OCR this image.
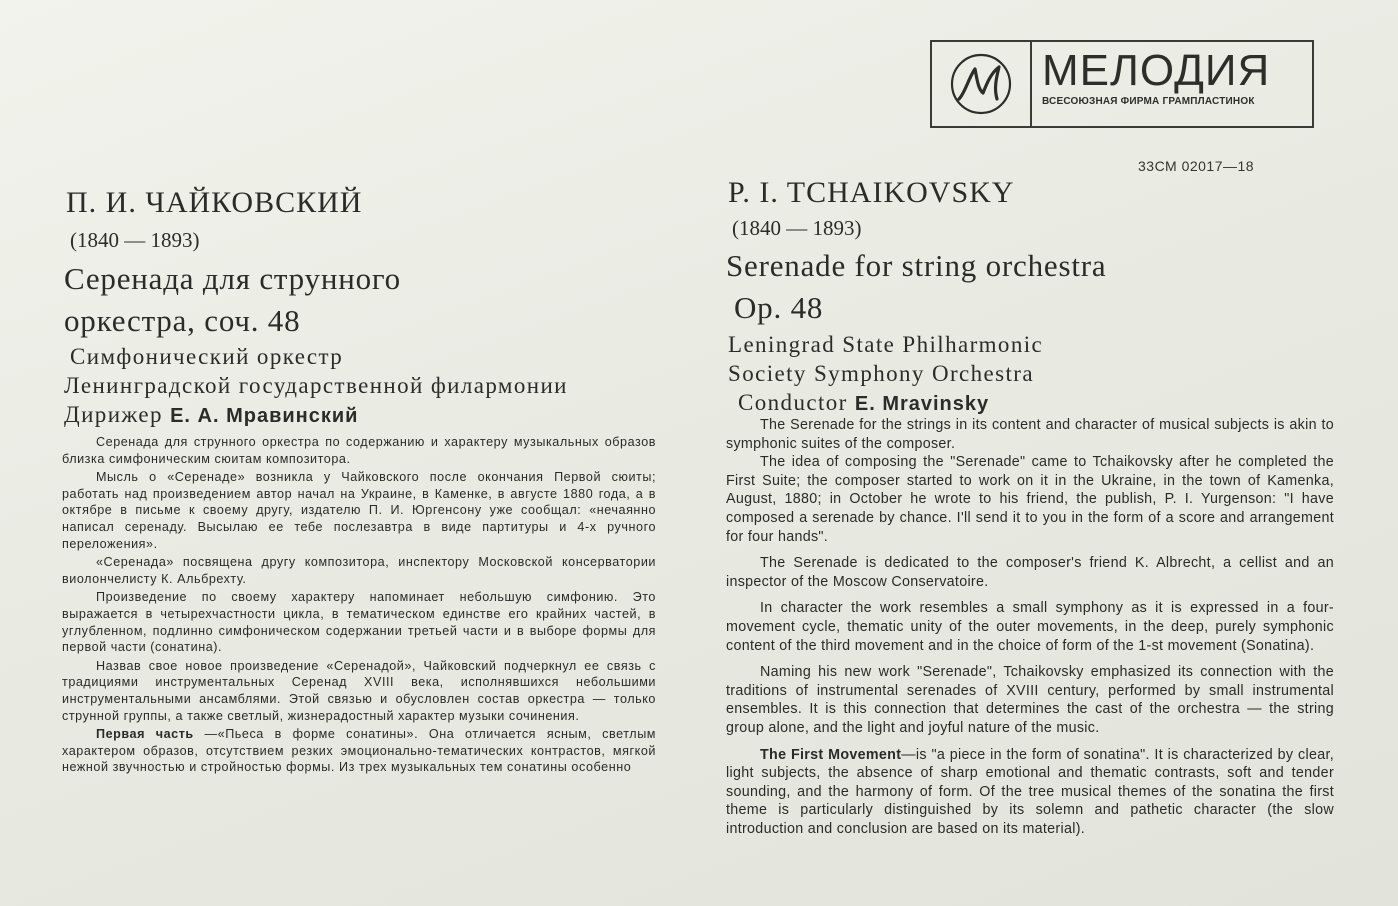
МЕЛОДИЯ
ВСЕСОЮЗНАЯ ФИРМА ГРАМПЛАСТИНОК
33СМ 02017—18
П. И. ЧАЙКОВСКИЙ
(1840 — 1893)
Серенада для струнного
оркестра, соч. 48
Симфонический оркестр
Ленинградской государственной филармонии
Дирижер Е. А. Мравинский

Серенада для струнного оркестра по содержанию и характеру музыкальных образов близка симфоническим сюитам композитора.

Мысль о «Серенаде» возникла у Чайковского после окончания Первой сюиты; работать над произведением автор начал на Украине, в Каменке, в августе 1880 года, а в октябре в письме к своему другу, издателю П. И. Юргенсону уже сообщал: «нечаянно написал серенаду. Высылаю ее тебе послезавтра в виде партитуры и 4-х ручного переложения».

«Серенада» посвящена другу композитора, инспектору Московской консерватории виолончелисту К. Альбрехту.

Произведение по своему характеру напоминает небольшую симфонию. Это выражается в четырехчастности цикла, в тематическом единстве его крайних частей, в углубленном, подлинно симфоническом содержании третьей части и в выборе формы для первой части (сонатина).

Назвав свое новое произведение «Серенадой», Чайковский подчеркнул ее связь с традициями инструментальных Серенад XVIII века, исполнявшихся небольшими инструментальными ансамблями. Этой связью и обусловлен состав оркестра — только струнной группы, а также светлый, жизнерадостный характер музыки сочинения.

Первая часть —«Пьеса в форме сонатины». Она отличается ясным, светлым характером образов, отсутствием резких эмоционально-тематических контрастов, мягкой нежной звучностью и стройностью формы. Из трех музыкальных тем сонатины особенно

P. I. TCHAIKOVSKY
(1840 — 1893)
Serenade for string orchestra
Op. 48
Leningrad State Philharmonic
Society Symphony Orchestra
Conductor E. Mravinsky

The Serenade for the strings in its content and character of musical subjects is akin to symphonic suites of the composer.

The idea of composing the "Serenade" came to Tchaikovsky after he completed the First Suite; the composer started to work on it in the Ukraine, in the town of Kamenka, August, 1880; in October he wrote to his friend, the publish, P. I. Yurgenson: "I have composed a serenade by chance. I'll send it to you in the form of a score and arrangement for four hands".

The Serenade is dedicated to the composer's friend K. Albrecht, a cellist and an inspector of the Moscow Conservatoire.

In character the work resembles a small symphony as it is expressed in a four-movement cycle, thematic unity of the outer movements, in the deep, purely symphonic content of the third movement and in the choice of form of the 1-st movement (Sonatina).

Naming his new work "Serenade", Tchaikovsky emphasized its connection with the traditions of instrumental serenades of XVIII century, performed by small instrumental ensembles. It is this connection that determines the cast of the orchestra — the string group alone, and the light and joyful nature of the music.

The First Movement—is "a piece in the form of sonatina". It is characterized by clear, light subjects, the absence of sharp emotional and thematic contrasts, soft and tender sounding, and the harmony of form. Of the tree musical themes of the sonatina the first theme is particularly distinguished by its solemn and pathetic character (the slow introduction and conclusion are based on its material).
